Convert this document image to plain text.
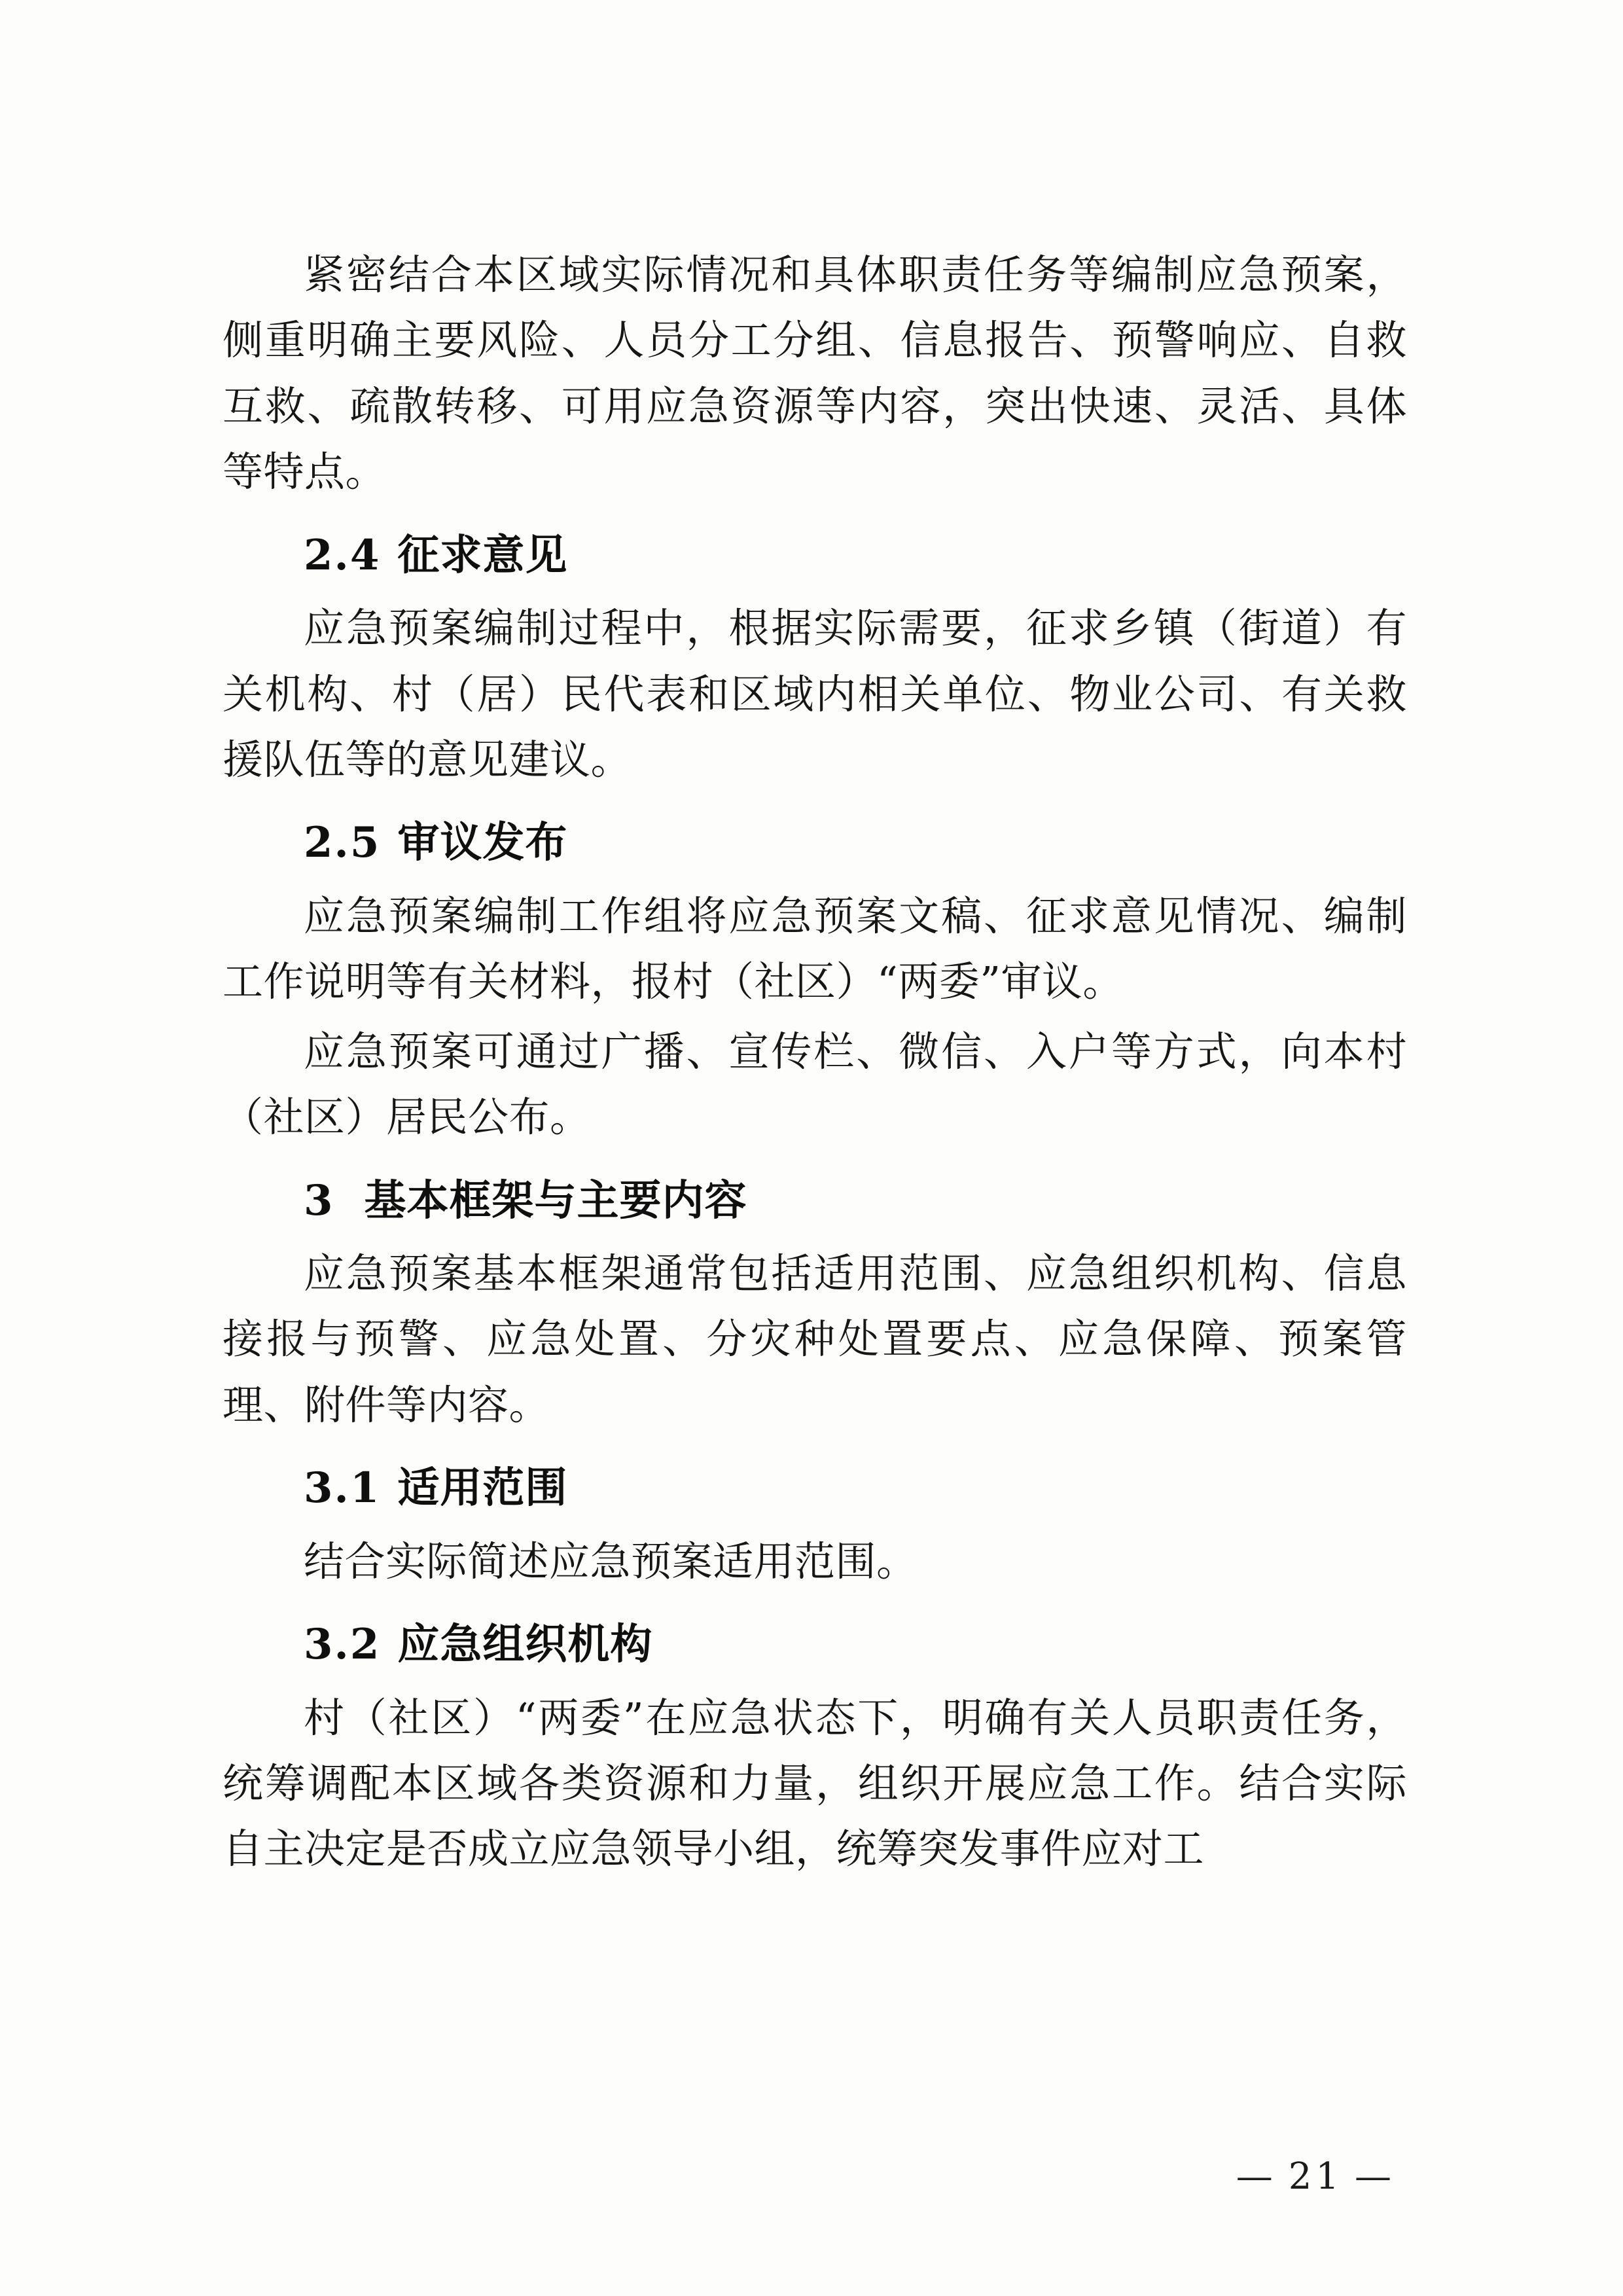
紧密结合本区域实际情况和具体职责任务等编制应急预案，侧重明确主要风险、人员分工分组、信息报告、预警响应、自救互救、疏散转移、可用应急资源等内容，突出快速、灵活、具体等特点。

2.4 征求意见

应急预案编制过程中，根据实际需要，征求乡镇（街道）有关机构、村（居）民代表和区域内相关单位、物业公司、有关救援队伍等的意见建议。

2.5 审议发布

应急预案编制工作组将应急预案文稿、征求意见情况、编制工作说明等有关材料，报村（社区）“两委”审议。

应急预案可通过广播、宣传栏、微信、入户等方式，向本村（社区）居民公布。

3 基本框架与主要内容

应急预案基本框架通常包括适用范围、应急组织机构、信息接报与预警、应急处置、分灾种处置要点、应急保障、预案管理、附件等内容。

3.1 适用范围

结合实际简述应急预案适用范围。

3.2 应急组织机构

村（社区）“两委”在应急状态下，明确有关人员职责任务，统筹调配本区域各类资源和力量，组织开展应急工作。结合实际自主决定是否成立应急领导小组，统筹突发事件应对工

— 21 —
